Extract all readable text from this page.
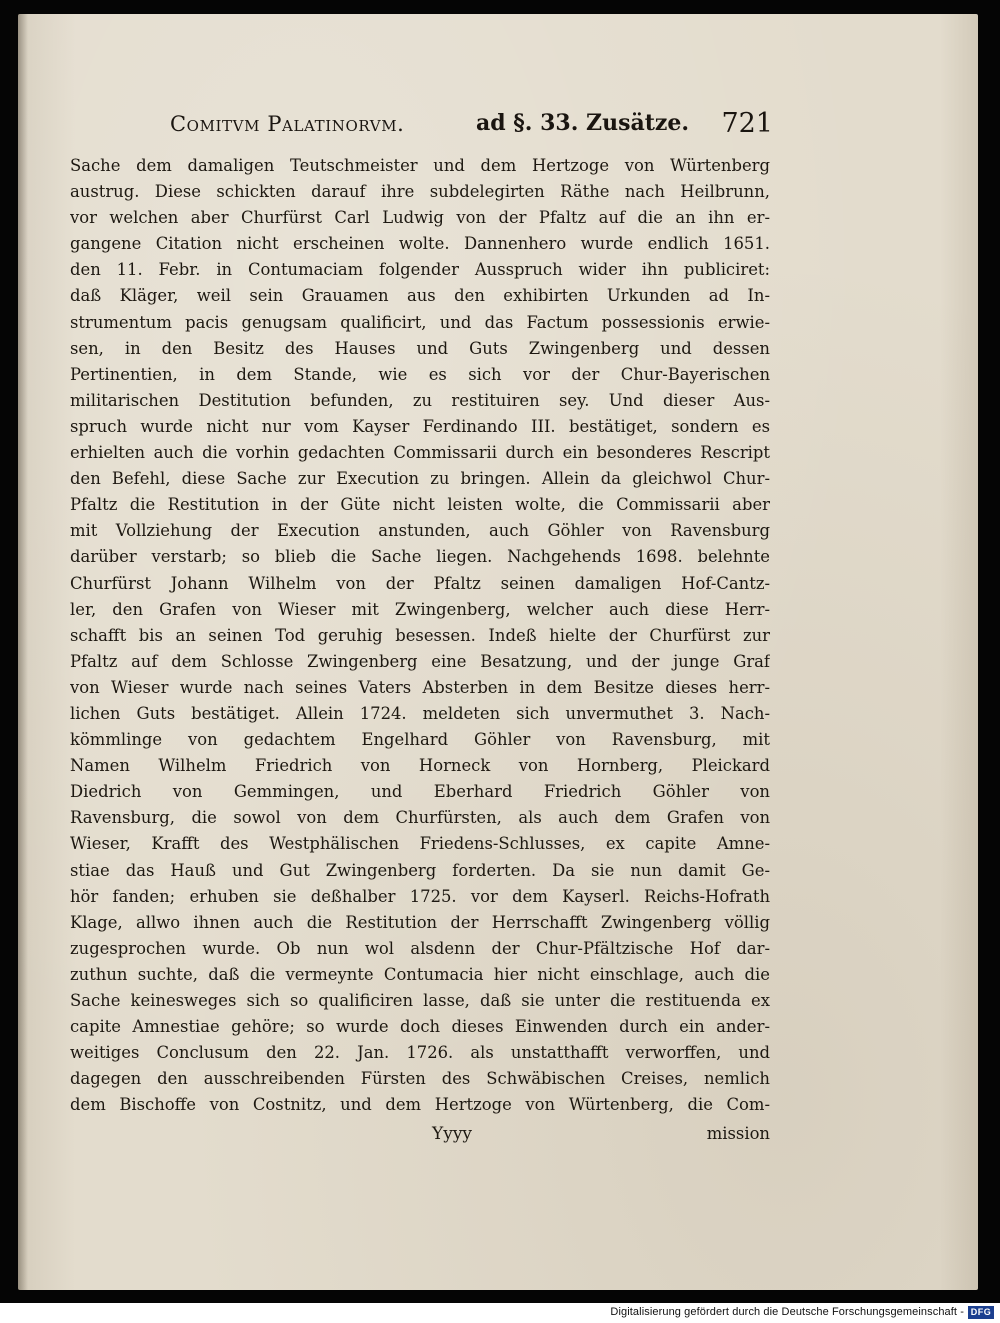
Comitvm Palatinorvm.	ad §. 33. Zusätze. 721
Sache dem damaligen Teutschmeister und dem Hertzoge von Würtenberg
austrug. Diese schickten darauf ihre subdelegirten Räthe nach Heilbrunn,
vor welchen aber Churfürst Carl Ludwig von der Pfaltz auf die an ihn er-
gangene Citation nicht erscheinen wolte. Dannenhero wurde endlich 1651.
den 11. Febr. in Contumaciam folgender Ausspruch wider ihn publiciret:
daß Kläger, weil sein Grauamen aus den exhibirten Urkunden ad In-
strumentum pacis genugsam qualificirt, und das Factum possessionis erwie-
sen, in den Besitz des Hauses und Guts Zwingenberg und dessen
Pertinentien, in dem Stande, wie es sich vor der Chur-Bayerischen
militarischen Destitution befunden, zu restituiren sey. Und dieser Aus-
spruch wurde nicht nur vom Kayser Ferdinando III. bestätiget, sondern es
erhielten auch die vorhin gedachten Commissarii durch ein besonderes Rescript
den Befehl, diese Sache zur Execution zu bringen. Allein da gleichwol Chur-
Pfaltz die Restitution in der Güte nicht leisten wolte, die Commissarii aber
mit Vollziehung der Execution anstunden, auch Göhler von Ravensburg
darüber verstarb; so blieb die Sache liegen. Nachgehends 1698. belehnte
Churfürst Johann Wilhelm von der Pfaltz seinen damaligen Hof-Cantz-
ler, den Grafen von Wieser mit Zwingenberg, welcher auch diese Herr-
schafft bis an seinen Tod geruhig besessen. Indeß hielte der Churfürst zur
Pfaltz auf dem Schlosse Zwingenberg eine Besatzung, und der junge Graf
von Wieser wurde nach seines Vaters Absterben in dem Besitze dieses herr-
lichen Guts bestätiget. Allein 1724. meldeten sich unvermuthet 3. Nach-
kömmlinge von gedachtem Engelhard Göhler von Ravensburg, mit
Namen Wilhelm Friedrich von Horneck von Hornberg, Pleickard
Diedrich von Gemmingen, und Eberhard Friedrich Göhler von
Ravensburg, die sowol von dem Churfürsten, als auch dem Grafen von
Wieser, Krafft des Westphälischen Friedens-Schlusses, ex capite Amne-
stiae das Hauß und Gut Zwingenberg forderten. Da sie nun damit Ge-
hör fanden; erhuben sie deßhalber 1725. vor dem Kayserl. Reichs-Hofrath
Klage, allwo ihnen auch die Restitution der Herrschafft Zwingenberg völlig
zugesprochen wurde. Ob nun wol alsdenn der Chur-Pfältzische Hof dar-
zuthun suchte, daß die vermeynte Contumacia hier nicht einschlage, auch die
Sache keinesweges sich so qualificiren lasse, daß sie unter die restituenda ex
capite Amnestiae gehöre; so wurde doch dieses Einwenden durch ein ander-
weitiges Conclusum den 22. Jan. 1726. als unstatthafft verworffen, und
dagegen den ausschreibenden Fürsten des Schwäbischen Creises, nemlich
dem Bischoffe von Costnitz, und dem Hertzoge von Würtenberg, die Com-
Yyyy	mission
Digitalisierung gefördert durch die Deutsche Forschungsgemeinschaft - DFG
